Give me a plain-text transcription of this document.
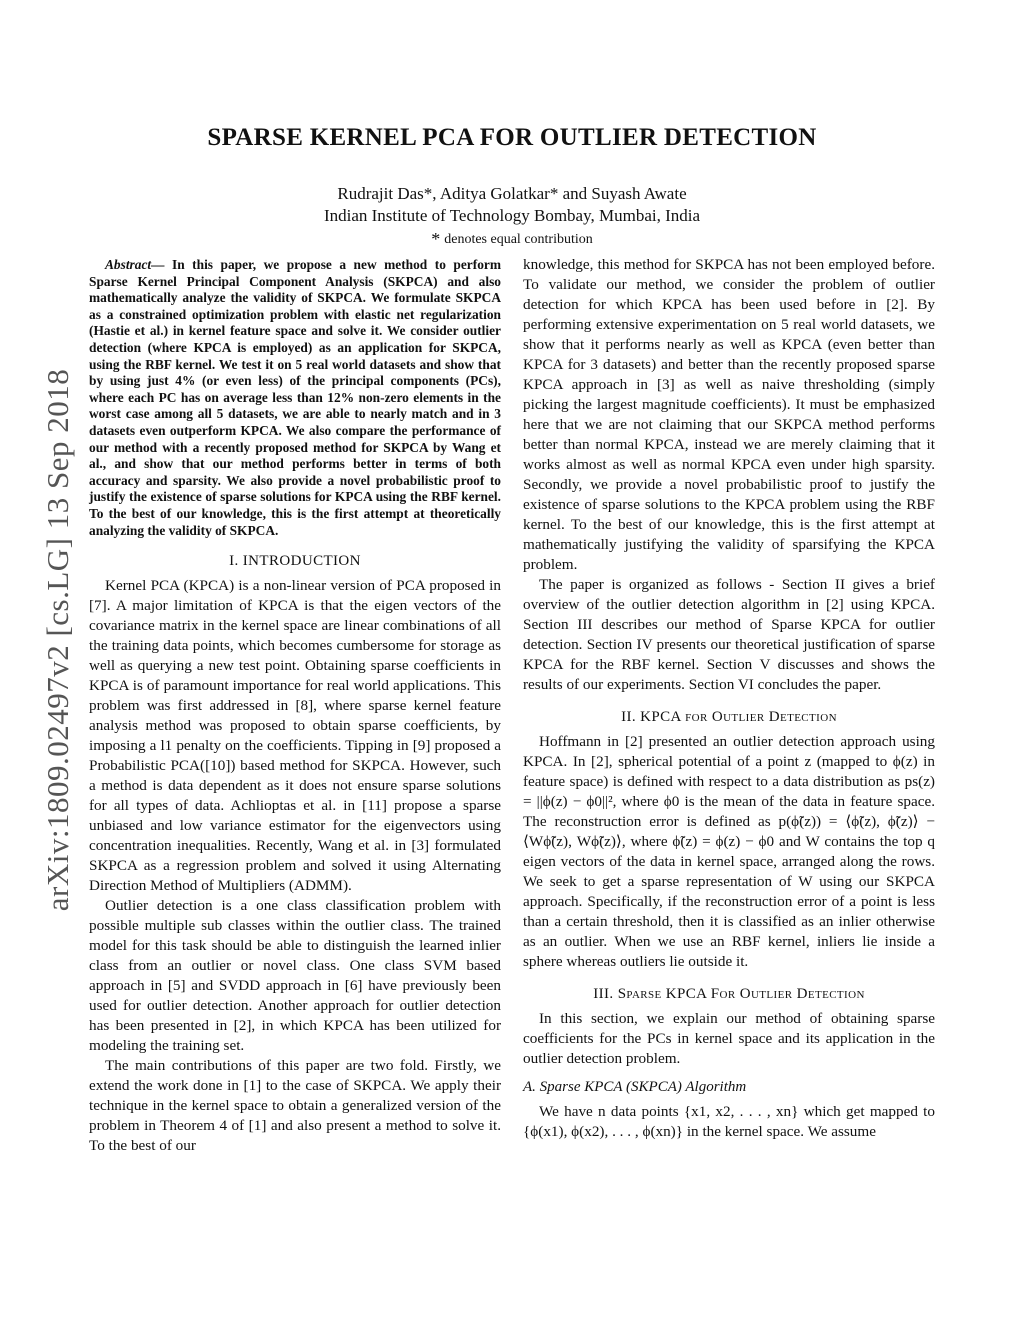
arXiv:1809.02497v2 [cs.LG] 13 Sep 2018
SPARSE KERNEL PCA FOR OUTLIER DETECTION
Rudrajit Das*, Aditya Golatkar* and Suyash Awate
Indian Institute of Technology Bombay, Mumbai, India
* denotes equal contribution

Abstract— In this paper, we propose a new method to perform Sparse Kernel Principal Component Analysis (SKPCA) and also mathematically analyze the validity of SKPCA. We formulate SKPCA as a constrained optimization problem with elastic net regularization (Hastie et al.) in kernel feature space and solve it. We consider outlier detection (where KPCA is employed) as an application for SKPCA, using the RBF kernel. We test it on 5 real world datasets and show that by using just 4% (or even less) of the principal components (PCs), where each PC has on average less than 12% non-zero elements in the worst case among all 5 datasets, we are able to nearly match and in 3 datasets even outperform KPCA. We also compare the performance of our method with a recently proposed method for SKPCA by Wang et al., and show that our method performs better in terms of both accuracy and sparsity. We also provide a novel probabilistic proof to justify the existence of sparse solutions for KPCA using the RBF kernel. To the best of our knowledge, this is the first attempt at theoretically analyzing the validity of SKPCA.

I. INTRODUCTION

Kernel PCA (KPCA) is a non-linear version of PCA proposed in [7]. A major limitation of KPCA is that the eigen vectors of the covariance matrix in the kernel space are linear combinations of all the training data points, which becomes cumbersome for storage as well as querying a new test point. Obtaining sparse coefficients in KPCA is of paramount importance for real world applications. This problem was first addressed in [8], where sparse kernel feature analysis method was proposed to obtain sparse coefficients, by imposing a l1 penalty on the coefficients. Tipping in [9] proposed a Probabilistic PCA([10]) based method for SKPCA. However, such a method is data dependent as it does not ensure sparse solutions for all types of data. Achlioptas et al. in [11] propose a sparse unbiased and low variance estimator for the eigenvectors using concentration inequalities. Recently, Wang et al. in [3] formulated SKPCA as a regression problem and solved it using Alternating Direction Method of Multipliers (ADMM).

Outlier detection is a one class classification problem with possible multiple sub classes within the outlier class. The trained model for this task should be able to distinguish the learned inlier class from an outlier or novel class. One class SVM based approach in [5] and SVDD approach in [6] have previously been used for outlier detection. Another approach for outlier detection has been presented in [2], in which KPCA has been utilized for modeling the training set.

The main contributions of this paper are two fold. Firstly, we extend the work done in [1] to the case of SKPCA. We apply their technique in the kernel space to obtain a generalized version of the problem in Theorem 4 of [1] and also present a method to solve it. To the best of our

knowledge, this method for SKPCA has not been employed before. To validate our method, we consider the problem of outlier detection for which KPCA has been used before in [2]. By performing extensive experimentation on 5 real world datasets, we show that it performs nearly as well as KPCA (even better than KPCA for 3 datasets) and better than the recently proposed sparse KPCA approach in [3] as well as naive thresholding (simply picking the largest magnitude coefficients). It must be emphasized here that we are not claiming that our SKPCA method performs better than normal KPCA, instead we are merely claiming that it works almost as well as normal KPCA even under high sparsity. Secondly, we provide a novel probabilistic proof to justify the existence of sparse solutions to the KPCA problem using the RBF kernel. To the best of our knowledge, this is the first attempt at mathematically justifying the validity of sparsifying the KPCA problem.

The paper is organized as follows - Section II gives a brief overview of the outlier detection algorithm in [2] using KPCA. Section III describes our method of Sparse KPCA for outlier detection. Section IV presents our theoretical justification of sparse KPCA for the RBF kernel. Section V discusses and shows the results of our experiments. Section VI concludes the paper.

II. KPCA for Outlier Detection

Hoffmann in [2] presented an outlier detection approach using KPCA. In [2], spherical potential of a point z (mapped to ϕ(z) in feature space) is defined with respect to a data distribution as ps(z) = ||ϕ(z) − ϕ0||², where ϕ0 is the mean of the data in feature space. The reconstruction error is defined as p(ϕ̃(z)) = ⟨ϕ̃(z), ϕ̃(z)⟩ − ⟨Wϕ̃(z), Wϕ̃(z)⟩, where ϕ̃(z) = ϕ(z) − ϕ0 and W contains the top q eigen vectors of the data in kernel space, arranged along the rows. We seek to get a sparse representation of W using our SKPCA approach. Specifically, if the reconstruction error of a point is less than a certain threshold, then it is classified as an inlier otherwise as an outlier. When we use an RBF kernel, inliers lie inside a sphere whereas outliers lie outside it.

III. Sparse KPCA For Outlier Detection

In this section, we explain our method of obtaining sparse coefficients for the PCs in kernel space and its application in the outlier detection problem.

A. Sparse KPCA (SKPCA) Algorithm

We have n data points {x1, x2, . . . , xn} which get mapped to {ϕ(x1), ϕ(x2), . . . , ϕ(xn)} in the kernel space. We assume
